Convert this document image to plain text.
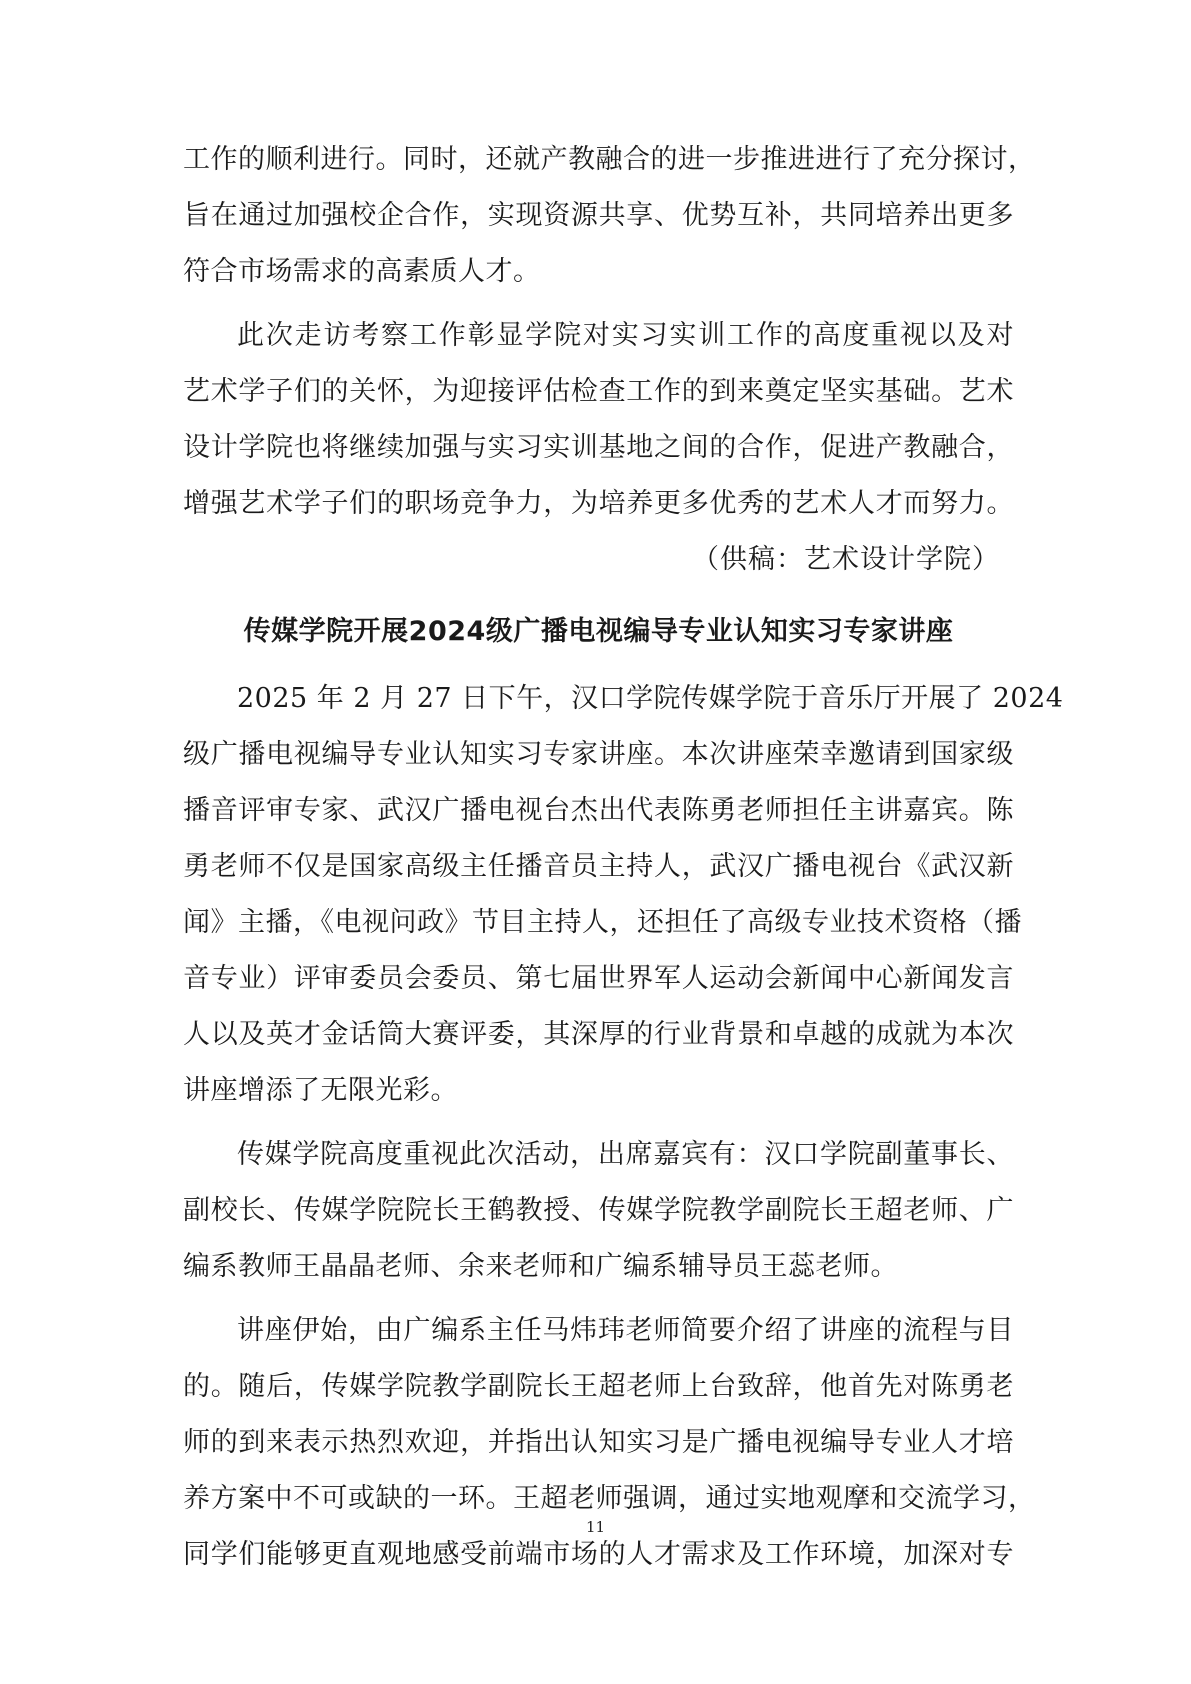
工作的顺利进行。同时，还就产教融合的进一步推进进行了充分探讨，
旨在通过加强校企合作，实现资源共享、优势互补，共同培养出更多
符合市场需求的高素质人才。
此次走访考察工作彰显学院对实习实训工作的高度重视以及对
艺术学子们的关怀，为迎接评估检查工作的到来奠定坚实基础。艺术
设计学院也将继续加强与实习实训基地之间的合作，促进产教融合，
增强艺术学子们的职场竞争力，为培养更多优秀的艺术人才而努力。

（供稿：艺术设计学院）

传媒学院开展2024级广播电视编导专业认知实习专家讲座
2025 年 2 月 27 日下午，汉口学院传媒学院于音乐厅开展了 2024
级广播电视编导专业认知实习专家讲座。本次讲座荣幸邀请到国家级
播音评审专家、武汉广播电视台杰出代表陈勇老师担任主讲嘉宾。陈
勇老师不仅是国家高级主任播音员主持人，武汉广播电视台《武汉新
闻》主播，《电视问政》节目主持人，还担任了高级专业技术资格（播
音专业）评审委员会委员、第七届世界军人运动会新闻中心新闻发言
人以及英才金话筒大赛评委，其深厚的行业背景和卓越的成就为本次
讲座增添了无限光彩。
传媒学院高度重视此次活动，出席嘉宾有：汉口学院副董事长、
副校长、传媒学院院长王鹤教授、传媒学院教学副院长王超老师、广
编系教师王晶晶老师、余来老师和广编系辅导员王蕊老师。
讲座伊始，由广编系主任马炜玮老师简要介绍了讲座的流程与目
的。随后，传媒学院教学副院长王超老师上台致辞，他首先对陈勇老
师的到来表示热烈欢迎，并指出认知实习是广播电视编导专业人才培
养方案中不可或缺的一环。王超老师强调，通过实地观摩和交流学习，
同学们能够更直观地感受前端市场的人才需求及工作环境，加深对专
11
